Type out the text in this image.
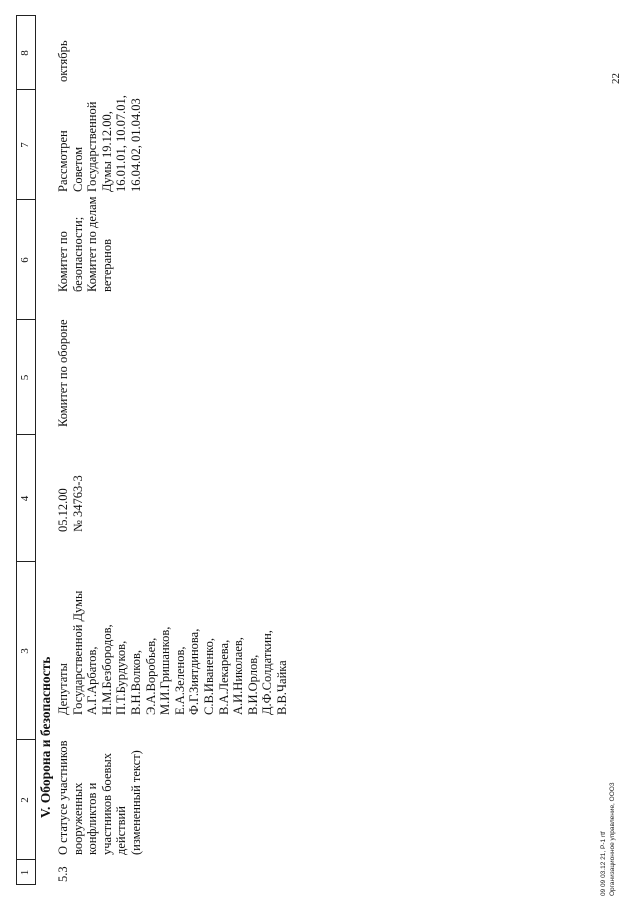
1
2
3
4
5
6
7
8
V. Оборона и безопасность
5.3
О статусе участников вооруженных конфликтов и участников боевых действий (измененный текст)
Депутаты Государственной Думы А.Г.Арбатов, Н.М.Безбородов, П.Т.Бурдуков, В.Н.Волков, Э.А.Воробьев, М.И.Гришанков, Е.А.Зеленов, Ф.Г.Зиятдинова, С.В.Иваненко, В.А.Лекарева, А.И.Николаев, В.И.Орлов, Д.Ф.Солдаткин, В.В.Чайка
05.12.00 № 34763-3
Комитет по обороне
Комитет по безопасности; Комитет по делам ветеранов
Рассмотрен Советом Государственной Думы 19.12.00, 16.01.01, 10.07.01, 16.04.02, 01.04.03
октябрь	22
09 09 03.12 21, Р-1 rtf Организационное управление, ООО3
